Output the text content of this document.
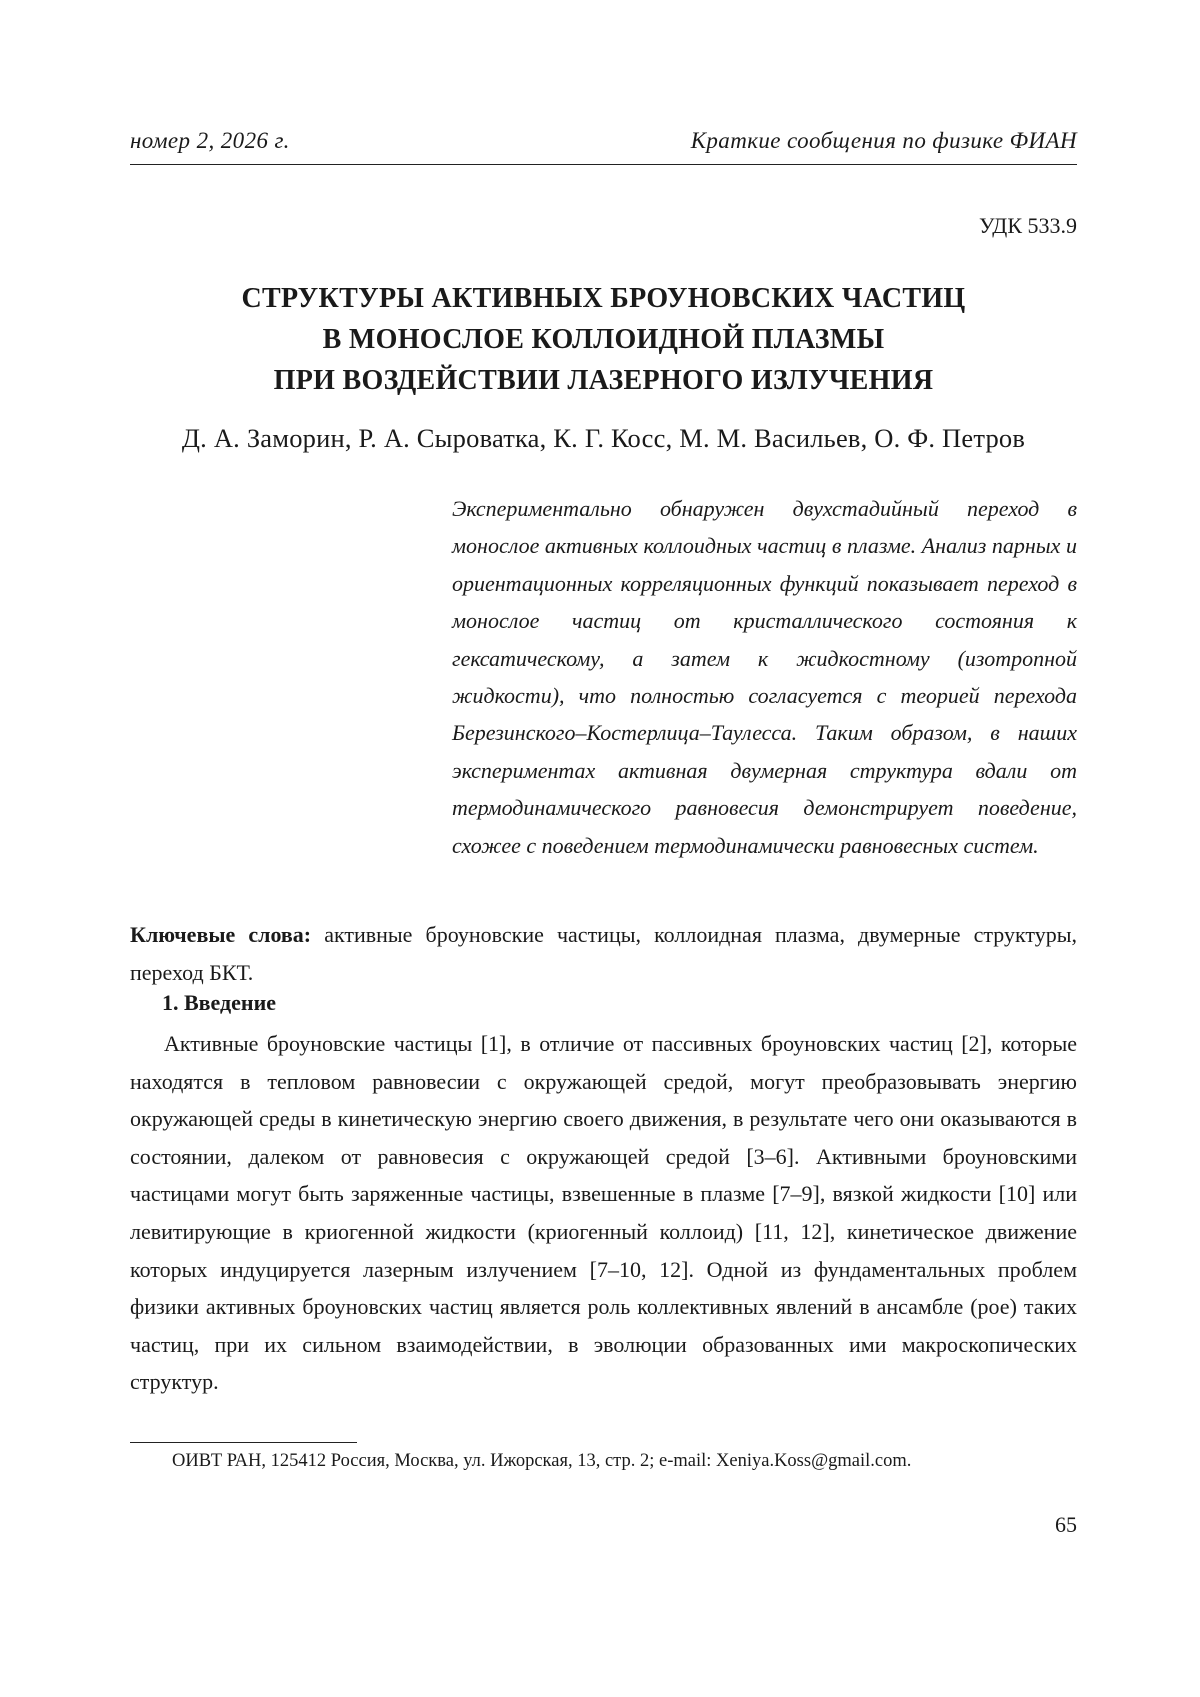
номер 2, 2026 г.	Краткие сообщения по физике ФИАН
УДК 533.9
СТРУКТУРЫ АКТИВНЫХ БРОУНОВСКИХ ЧАСТИЦ
В МОНОСЛОЕ КОЛЛОИДНОЙ ПЛАЗМЫ
ПРИ ВОЗДЕЙСТВИИ ЛАЗЕРНОГО ИЗЛУЧЕНИЯ
Д. А. Заморин, Р. А. Сыроватка, К. Г. Косс, М. М. Васильев, О. Ф. Петров
Экспериментально обнаружен двухстадийный переход в монослое активных коллоидных частиц в плазме. Анализ парных и ориентационных корреляционных функций показывает переход в монослое частиц от кристаллического состояния к гексатическому, а затем к жидкостному (изотропной жидкости), что полностью согласуется с теорией перехода Березинского–Костерлица–Таулесса. Таким образом, в наших экспериментах активная двумерная структура вдали от термодинамического равновесия демонстрирует поведение, схожее с поведением термодинамически равновесных систем.
Ключевые слова: активные броуновские частицы, коллоидная плазма, двумерные структуры, переход БКТ.
1. Введение
Активные броуновские частицы [1], в отличие от пассивных броуновских частиц [2], которые находятся в тепловом равновесии с окружающей средой, могут преобразовывать энергию окружающей среды в кинетическую энергию своего движения, в результате чего они оказываются в состоянии, далеком от равновесия с окружающей средой [3–6]. Активными броуновскими частицами могут быть заряженные частицы, взвешенные в плазме [7–9], вязкой жидкости [10] или левитирующие в криогенной жидкости (криогенный коллоид) [11, 12], кинетическое движение которых индуцируется лазерным излучением [7–10, 12]. Одной из фундаментальных проблем физики активных броуновских частиц является роль коллективных явлений в ансамбле (рое) таких частиц, при их сильном взаимодействии, в эволюции образованных ими макроскопических структур.
ОИВТ РАН, 125412 Россия, Москва, ул. Ижорская, 13, стр. 2; e-mail: Xeniya.Koss@gmail.com.
65
